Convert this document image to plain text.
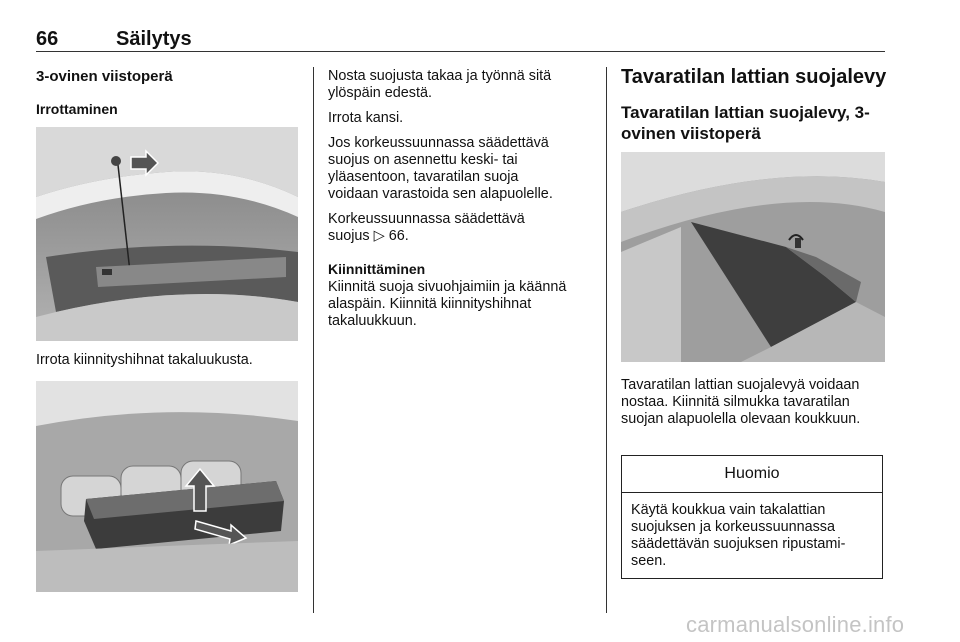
66	Säilytys
3-ovinen viistoperä
Irrottaminen

Irrota kiinnityshihnat takaluukusta.

Nosta suojusta takaa ja työnnä sitä ylöspäin edestä.

Irrota kansi.

Jos korkeussuunnassa säädettävä suojus on asennettu keski- tai yläasentoon, tavaratilan suoja voidaan varastoida sen alapuolelle.

Korkeussuunnassa säädettävä suojus ▷ 66.

Kiinnittäminen

Kiinnitä suoja sivuohjaimiin ja käännä alaspäin. Kiinnitä kiinnityshihnat takaluukkuun.

Tavaratilan lattian suojalevy
Tavaratilan lattian suojalevy, 3-ovinen viistoperä

Tavaratilan lattian suojalevyä voidaan nostaa. Kiinnitä silmukka tavaratilan suojan alapuolella olevaan koukkuun.

Huomio
Käytä koukkua vain takalattian suojuksen ja korkeussuunnassa säädettävän suojuksen ripustamiseen.
carmanualsonline.info
